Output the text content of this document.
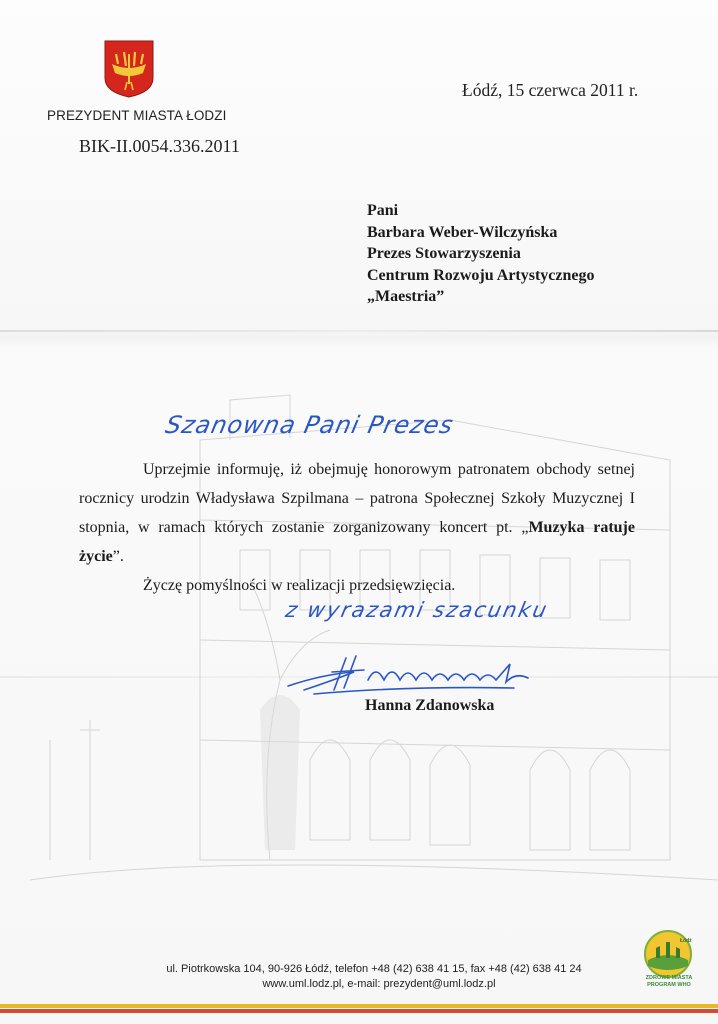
PREZYDENT MIASTA ŁODZI
BIK-II.0054.336.2011
Łódź, 15 czerwca 2011 r.
Pani
Barbara Weber-Wilczyńska
Prezes Stowarzyszenia
Centrum Rozwoju Artystycznego
„Maestria”
Szanowna Pani Prezes

Uprzejmie informuję, iż obejmuję honorowym patronatem obchody setnej rocznicy urodzin Władysława Szpilmana – patrona Społecznej Szkoły Muzycznej I stopnia, w ramach których zostanie zorganizowany koncert pt. „Muzyka ratuje życie”.

Życzę pomyślności w realizacji przedsięwzięcia.

z wyrazami szacunku
Hanna Zdanowska
ul. Piotrkowska 104, 90-926 Łódź, telefon +48 (42) 638 41 15, fax +48 (42) 638 41 24
www.uml.lodz.pl, e-mail: prezydent@uml.lodz.pl
Łódź
ZDROWE MIASTA
PROGRAM WHO
